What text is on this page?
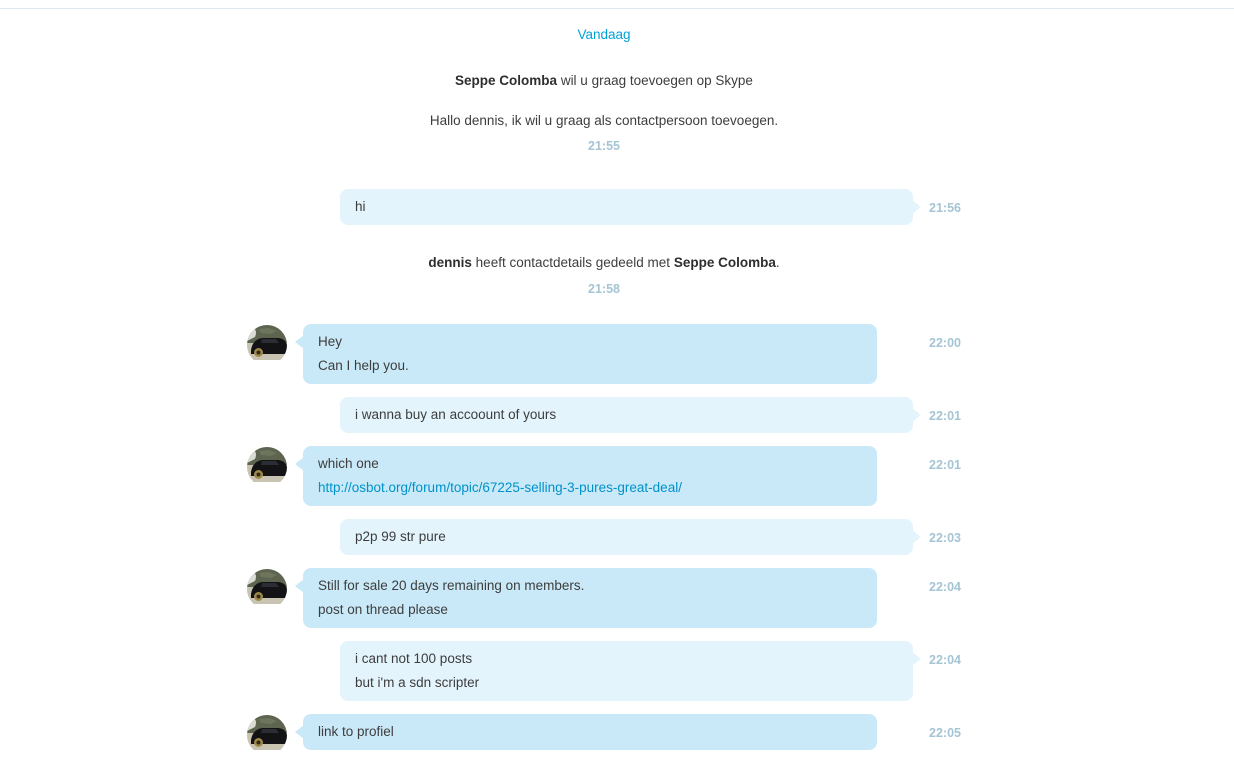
Vandaag
Seppe Colomba wil u graag toevoegen op Skype
Hallo dennis, ik wil u graag als contactpersoon toevoegen.
21:55
hi	21:56
dennis heeft contactdetails gedeeld met Seppe Colomba.
21:58
Hey
Can I help you.
22:00
i wanna buy an accoount of yours	22:01
which one
http://osbot.org/forum/topic/67225-selling-3-pures-great-deal/
22:01
p2p 99 str pure	22:03
Still for sale 20 days remaining on members.
post on thread please
22:04
i cant not 100 posts
but i'm a sdn scripter
22:04
link to profiel	22:05
